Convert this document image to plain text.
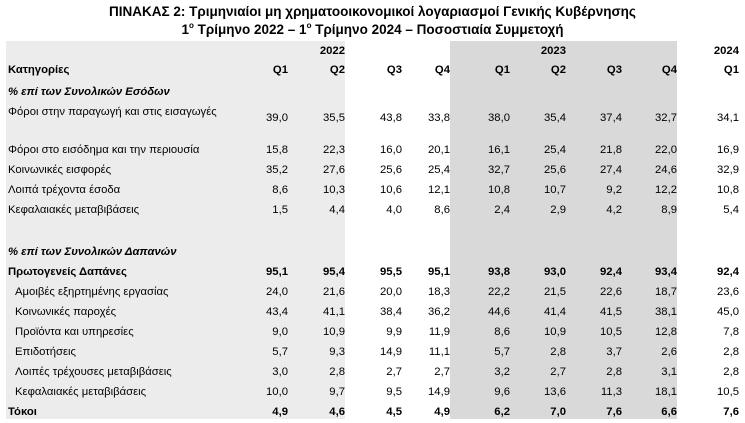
ΠΙΝΑΚΑΣ 2: Τριμηνιαίοι μη χρηματοοικονομικοί λογαριασμοί Γενικής Κυβέρνησης
$1^o$ Τρίμηνο $2022 - 1^o$ Τρίμηνο 2024 – Ποσοστιαία Συμμετοχή
		2022				2023			2024
Κατηγορίες	Q1	Q2	Q3	Q4	Q1	Q2	Q3	Q4	Q1
% επί των Συνολικών Εσόδων									
Φόροι στην παραγωγή και στις εισαγωγές	39,0	35,5	43,8	33,8	38,0	35,4	37,4	32,7	34,1
Φόροι στο εισόδημα και την περιουσία	15,8	22,3	16,0	20,1	16,1	25,4	21,8	22,0	16,9
Κοινωνικές εισφορές	35,2	27,6	25,6	25,4	32,7	25,6	27,4	24,6	32,9
Λοιπά τρέχοντα έσοδα	8,6	10,3	10,6	12,1	10,8	10,7	9,2	12,2	10,8
Κεφαλαιακές μεταβιβάσεις	1,5	4,4	4,0	8,6	2,4	2,9	4,2	8,9	5,4

% επί των Συνολικών Δαπανών									
Πρωτογενείς Δαπάνες	95,1	95,4	95,5	95,1	93,8	93,0	92,4	93,4	92,4
Αμοιβές εξηρτημένης εργασίας	24,0	21,6	20,0	18,3	22,2	21,5	22,6	18,7	23,6
Κοινωνικές παροχές	43,4	41,1	38,4	36,2	44,6	41,4	41,5	38,1	45,0
Προϊόντα και υπηρεσίες	9,0	10,9	9,9	11,9	8,6	10,9	10,5	12,8	7,8
Επιδοτήσεις	5,7	9,3	14,9	11,1	5,7	2,8	3,7	2,6	2,8
Λοιπές τρέχουσες μεταβιβάσεις	3,0	2,8	2,7	2,7	3,2	2,7	2,8	3,1	2,8
Κεφαλαιακές μεταβιβάσεις	10,0	9,7	9,5	14,9	9,6	13,6	11,3	18,1	10,5
Τόκοι	4,9	4,6	4,5	4,9	6,2	7,0	7,6	6,6	7,6
